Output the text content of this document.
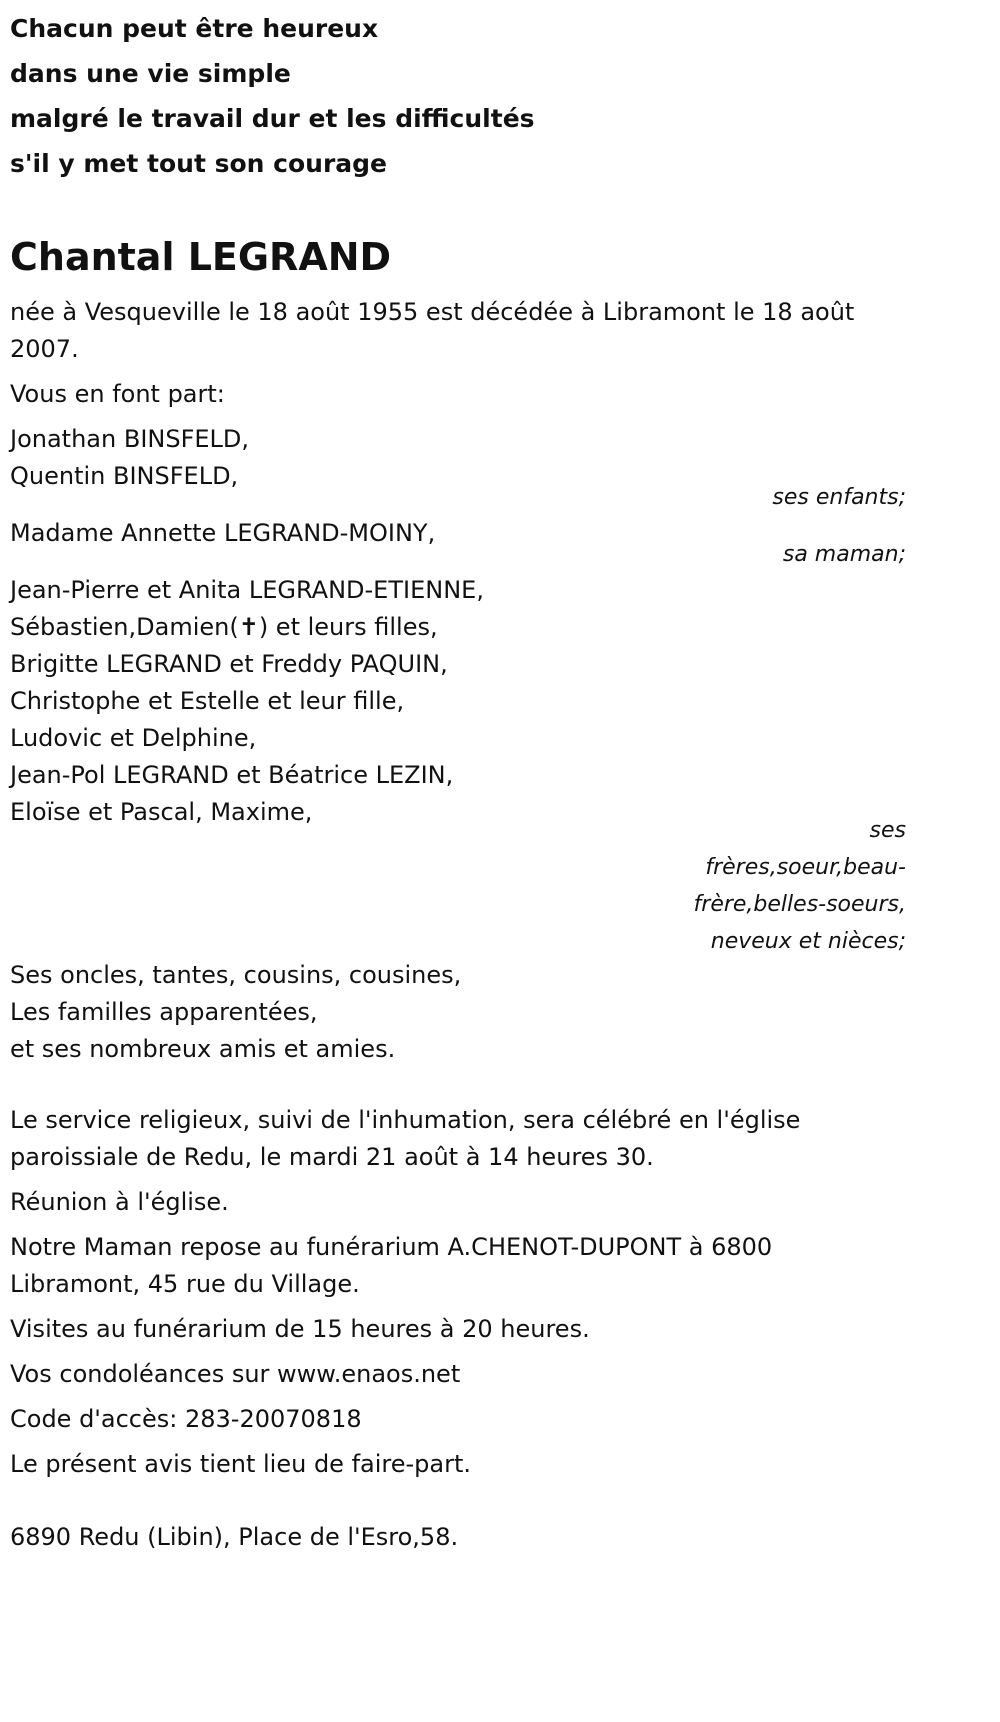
Chacun peut être heureux
dans une vie simple
malgré le travail dur et les difficultés
s'il y met tout son courage
Chantal LEGRAND
née à Vesqueville le 18 août 1955 est décédée à Libramont le 18 août
2007.
Vous en font part:
Jonathan BINSFELD,
Quentin BINSFELD,
ses enfants;
Madame Annette LEGRAND-MOINY,
sa maman;
Jean-Pierre et Anita LEGRAND-ETIENNE,
Sébastien,Damien(✝) et leurs filles,
Brigitte LEGRAND et Freddy PAQUIN,
Christophe et Estelle et leur fille,
Ludovic et Delphine,
Jean-Pol LEGRAND et Béatrice LEZIN,
Eloïse et Pascal, Maxime,
ses
frères,soeur,beau-
frère,belles-soeurs,
neveux et nièces;
Ses oncles, tantes, cousins, cousines,
Les familles apparentées,
et ses nombreux amis et amies.
Le service religieux, suivi de l'inhumation, sera célébré en l'église
paroissiale de Redu, le mardi 21 août à 14 heures 30.
Réunion à l'église.
Notre Maman repose au funérarium A.CHENOT-DUPONT à 6800
Libramont, 45 rue du Village.
Visites au funérarium de 15 heures à 20 heures.
Vos condoléances sur www.enaos.net
Code d'accès: 283-20070818
Le présent avis tient lieu de faire-part.
6890 Redu (Libin), Place de l'Esro,58.
